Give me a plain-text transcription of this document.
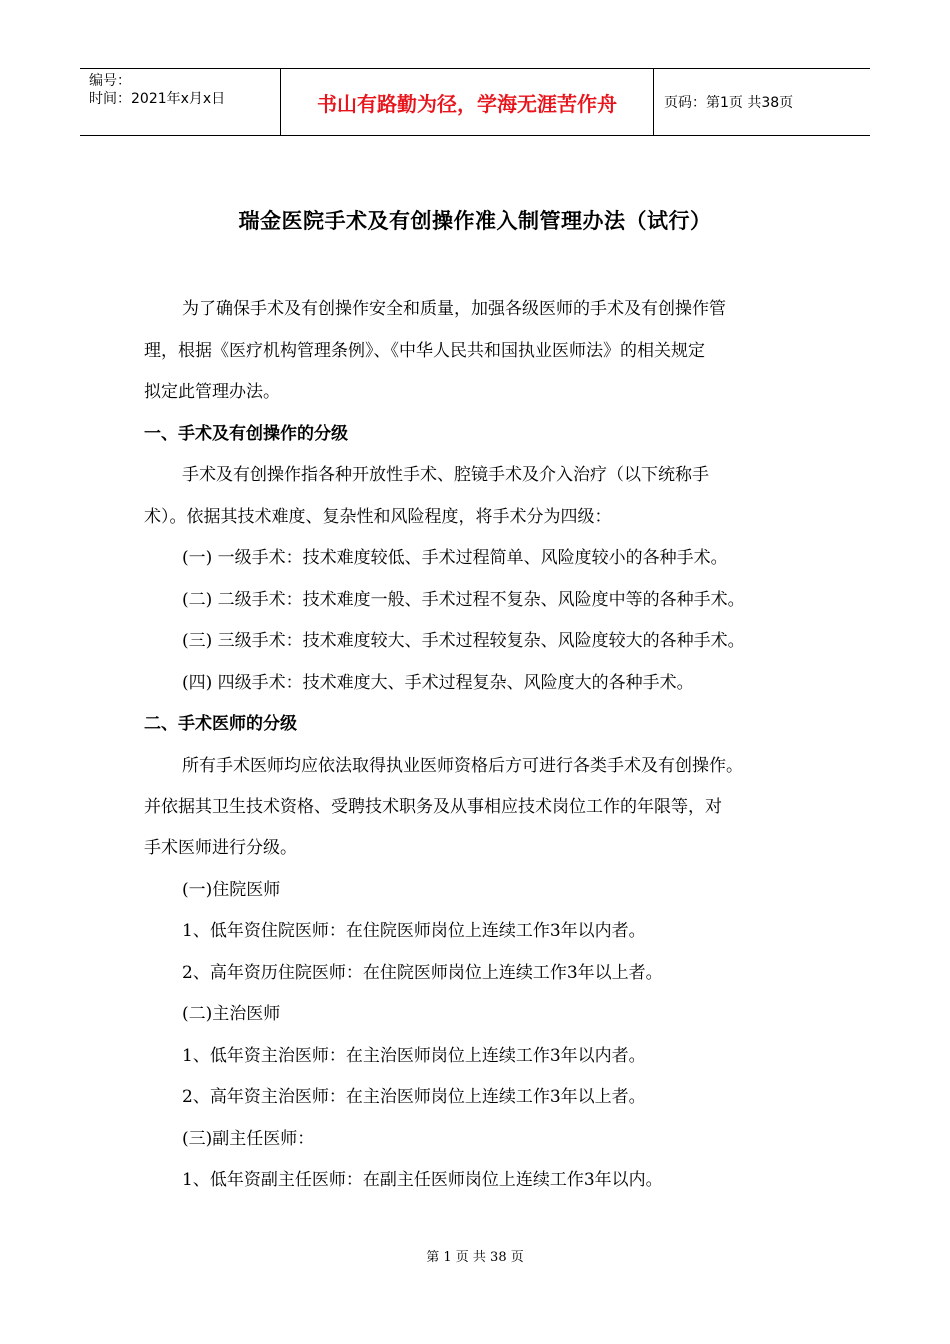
编号：
时间：2021年x月x日	书山有路勤为径，学海无涯苦作舟	页码：第1页 共38页
瑞金医院手术及有创操作准入制管理办法（试行）
为了确保手术及有创操作安全和质量，加强各级医师的手术及有创操作管
理，根据《医疗机构管理条例》、《中华人民共和国执业医师法》的相关规定
拟定此管理办法。
一、手术及有创操作的分级
手术及有创操作指各种开放性手术、腔镜手术及介入治疗（以下统称手
术）。依据其技术难度、复杂性和风险程度，将手术分为四级：
(一) 一级手术：技术难度较低、手术过程简单、风险度较小的各种手术。
(二) 二级手术：技术难度一般、手术过程不复杂、风险度中等的各种手术。
(三) 三级手术：技术难度较大、手术过程较复杂、风险度较大的各种手术。
(四) 四级手术：技术难度大、手术过程复杂、风险度大的各种手术。
二、手术医师的分级
所有手术医师均应依法取得执业医师资格后方可进行各类手术及有创操作。
并依据其卫生技术资格、受聘技术职务及从事相应技术岗位工作的年限等，对
手术医师进行分级。
(一)住院医师
1、低年资住院医师：在住院医师岗位上连续工作3年以内者。
2、高年资历住院医师：在住院医师岗位上连续工作3年以上者。
(二)主治医师
1、低年资主治医师：在主治医师岗位上连续工作3年以内者。
2、高年资主治医师：在主治医师岗位上连续工作3年以上者。
(三)副主任医师：
1、低年资副主任医师：在副主任医师岗位上连续工作3年以内。
第 1 页 共 38 页
